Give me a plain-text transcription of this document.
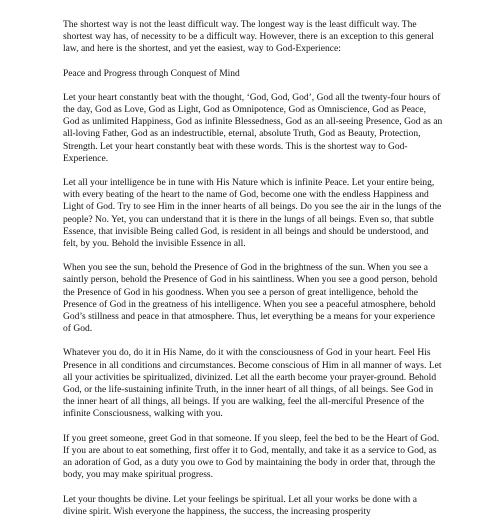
The shortest way is not the least difficult way. The longest way is the least difficult way. The shortest way has, of necessity to be a difficult way. However, there is an exception to this general law, and here is the shortest, and yet the easiest, way to God-Experience:

Peace and Progress through Conquest of Mind

Let your heart constantly beat with the thought, ‘God, God, God’, God all the twenty-four hours of the day, God as Love, God as Light, God as Omnipotence, God as Omniscience, God as Peace, God as unlimited Happiness, God as infinite Blessedness, God as an all-seeing Presence, God as an all-loving Father, God as an indestructible, eternal, absolute Truth, God as Beauty, Protection, Strength. Let your heart constantly beat with these words. This is the shortest way to God-Experience.

Let all your intelligence be in tune with His Nature which is infinite Peace. Let your entire being, with every beating of the heart to the name of God, become one with the endless Happiness and Light of God. Try to see Him in the inner hearts of all beings. Do you see the air in the lungs of the people? No. Yet, you can understand that it is there in the lungs of all beings. Even so, that subtle Essence, that invisible Being called God, is resident in all beings and should be understood, and felt, by you. Behold the invisible Essence in all.

When you see the sun, behold the Presence of God in the brightness of the sun. When you see a saintly person, behold the Presence of God in his saintliness. When you see a good person, behold the Presence of God in his goodness. When you see a person of great intelligence, behold the Presence of God in the greatness of his intelligence. When you see a peaceful atmosphere, behold God’s stillness and peace in that atmosphere. Thus, let everything be a means for your experience of God.

Whatever you do, do it in His Name, do it with the consciousness of God in your heart. Feel His Presence in all conditions and circumstances. Become conscious of Him in all manner of ways. Let all your activities be spiritualized, divinized. Let all the earth become your prayer-ground. Behold God, or the life-sustaining infinite Truth, in the inner heart of all things, of all beings. See God in the inner heart of all things, all beings. If you are walking, feel the all-merciful Presence of the infinite Consciousness, walking with you.

If you greet someone, greet God in that someone. If you sleep, feel the bed to be the Heart of God. If you are about to eat something, first offer it to God, mentally, and take it as a service to God, as an adoration of God, as a duty you owe to God by maintaining the body in order that, through the body, you may make spiritual progress.

Let your thoughts be divine. Let your feelings be spiritual. Let all your works be done with a divine spirit. Wish everyone the happiness, the success, the increasing prosperity
